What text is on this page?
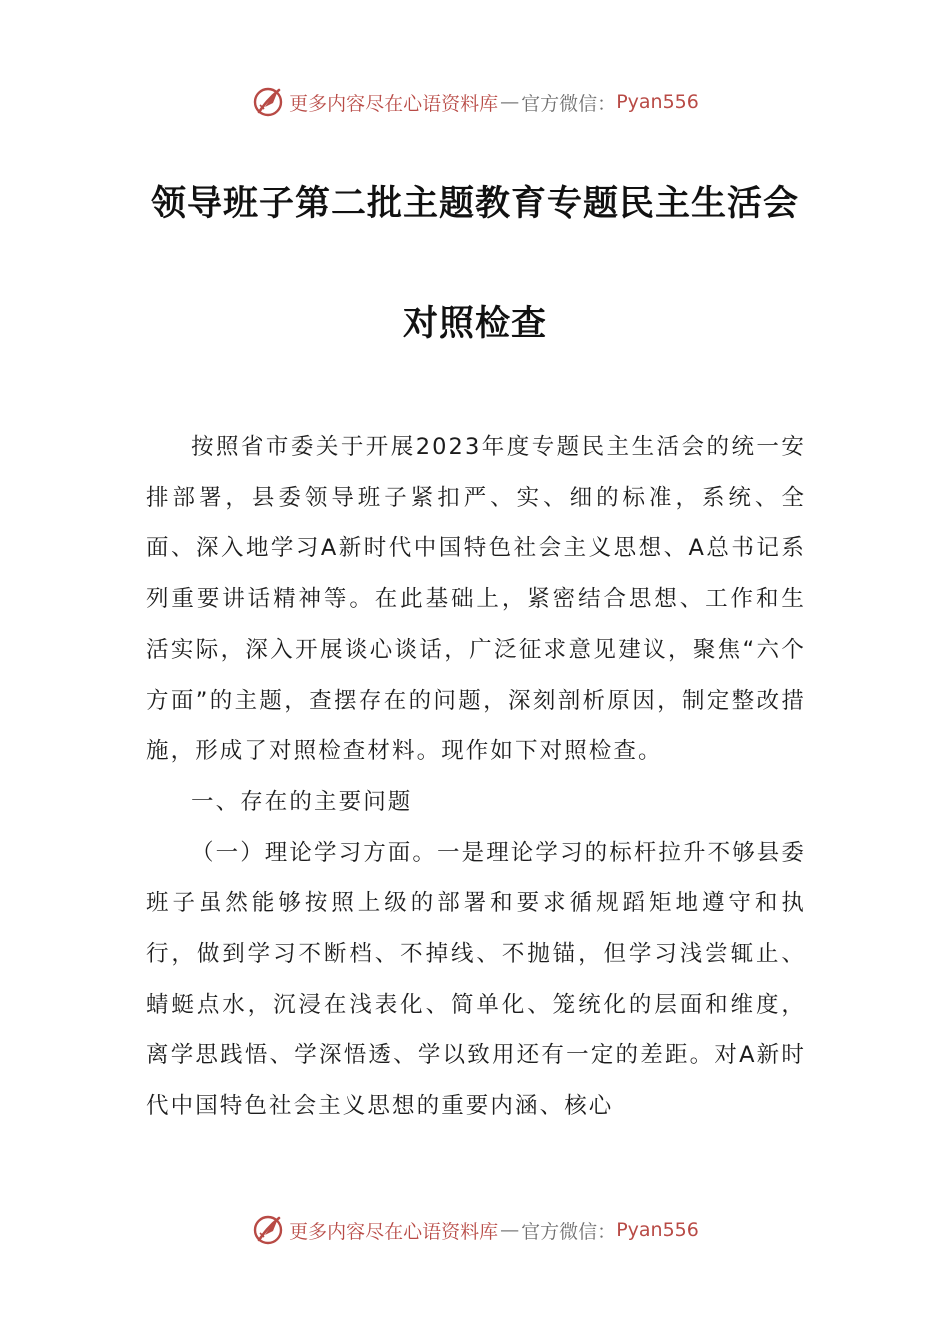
更多内容尽在心语资料库 — 官方微信： Pyan556
领导班子第二批主题教育专题民主生活会
对照检查

按照省市委关于开展2023年度专题民主生活会的统一安排部署，县委领导班子紧扣严、实、细的标准，系统、全面、深入地学习A新时代中国特色社会主义思想、A总书记系列重要讲话精神等。在此基础上，紧密结合思想、工作和生活实际，深入开展谈心谈话，广泛征求意见建议，聚焦“六个方面”的主题，查摆存在的问题，深刻剖析原因，制定整改措施，形成了对照检查材料。现作如下对照检查。

一、存在的主要问题

（一）理论学习方面。一是理论学习的标杆拉升不够县委班子虽然能够按照上级的部署和要求循规蹈矩地遵守和执行，做到学习不断档、不掉线、不抛锚，但学习浅尝辄止、蜻蜓点水，沉浸在浅表化、简单化、笼统化的层面和维度，离学思践悟、学深悟透、学以致用还有一定的差距。对A新时代中国特色社会主义思想的重要内涵、核心

更多内容尽在心语资料库 — 官方微信： Pyan556
